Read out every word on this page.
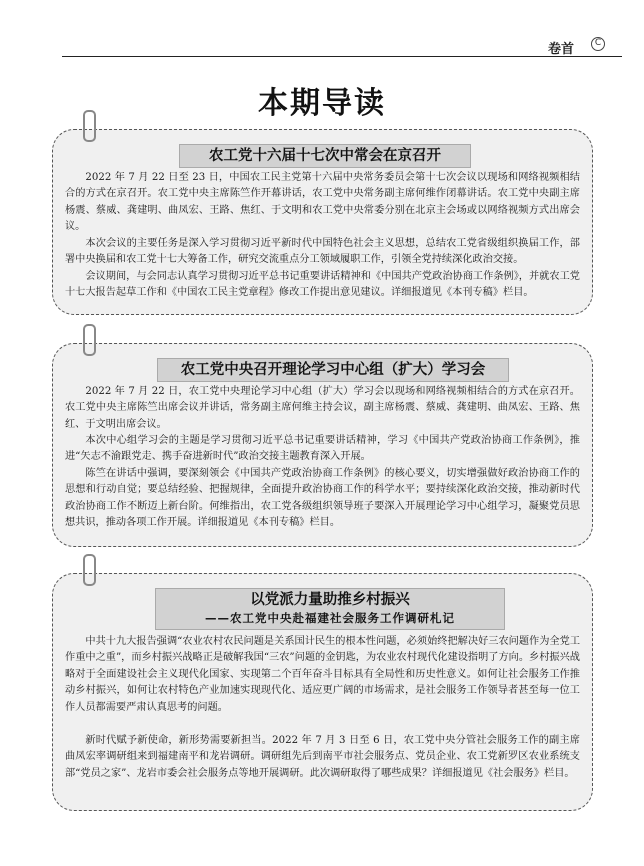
卷首	C
本期导读
农工党十六届十七次中常会在京召开

2022 年 7 月 22 日至 23 日，中国农工民主党第十六届中央常务委员会第十七次会议以现场和网络视频相结合的方式在京召开。农工党中央主席陈竺作开幕讲话，农工党中央常务副主席何维作闭幕讲话。农工党中央副主席杨震、蔡威、龚建明、曲凤宏、王路、焦红、于文明和农工党中央常委分别在北京主会场或以网络视频方式出席会议。

本次会议的主要任务是深入学习贯彻习近平新时代中国特色社会主义思想，总结农工党省级组织换届工作，部署中央换届和农工党十七大筹备工作，研究交流重点分工领域履职工作，引领全党持续深化政治交接。

会议期间，与会同志认真学习贯彻习近平总书记重要讲话精神和《中国共产党政治协商工作条例》，并就农工党十七大报告起草工作和《中国农工民主党章程》修改工作提出意见建议。详细报道见《本刊专稿》栏目。

农工党中央召开理论学习中心组（扩大）学习会

2022 年 7 月 22 日，农工党中央理论学习中心组（扩大）学习会以现场和网络视频相结合的方式在京召开。农工党中央主席陈竺出席会议并讲话，常务副主席何维主持会议，副主席杨震、蔡威、龚建明、曲凤宏、王路、焦红、于文明出席会议。

本次中心组学习会的主题是学习贯彻习近平总书记重要讲话精神，学习《中国共产党政治协商工作条例》，推进“矢志不渝跟党走、携手奋进新时代”政治交接主题教育深入开展。

陈竺在讲话中强调，要深刻领会《中国共产党政治协商工作条例》的核心要义，切实增强做好政治协商工作的思想和行动自觉；要总结经验、把握规律，全面提升政治协商工作的科学水平；要持续深化政治交接，推动新时代政治协商工作不断迈上新台阶。何维指出，农工党各级组织领导班子要深入开展理论学习中心组学习，凝聚党员思想共识，推动各项工作开展。详细报道见《本刊专稿》栏目。

以党派力量助推乡村振兴
——农工党中央赴福建社会服务工作调研札记

中共十九大报告强调“农业农村农民问题是关系国计民生的根本性问题，必须始终把解决好三农问题作为全党工作重中之重”，而乡村振兴战略正是破解我国“三农”问题的金钥匙，为农业农村现代化建设指明了方向。乡村振兴战略对于全面建设社会主义现代化国家、实现第二个百年奋斗目标具有全局性和历史性意义。如何让社会服务工作推动乡村振兴，如何让农村特色产业加速实现现代化、适应更广阔的市场需求，是社会服务工作领导者甚至每一位工作人员都需要严肃认真思考的问题。

新时代赋予新使命，新形势需要新担当。2022 年 7 月 3 日至 6 日，农工党中央分管社会服务工作的副主席曲凤宏率调研组来到福建南平和龙岩调研。调研组先后到南平市社会服务点、党员企业、农工党新罗区农业系统支部“党员之家”、龙岩市委会社会服务点等地开展调研。此次调研取得了哪些成果？详细报道见《社会服务》栏目。
